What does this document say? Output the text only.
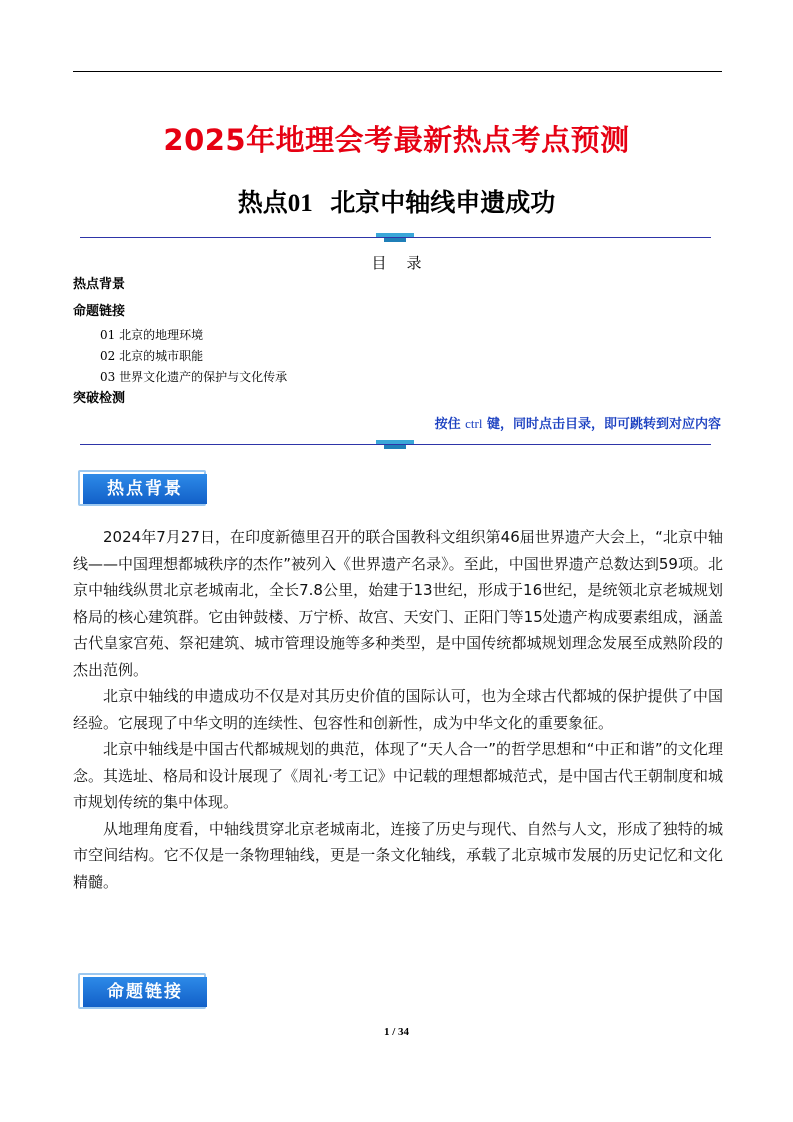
2025年地理会考最新热点考点预测
热点01 北京中轴线申遗成功
目录
热点背景
命题链接
01 北京的地理环境
02 北京的城市职能
03 世界文化遗产的保护与文化传承
突破检测
按住 ctrl 键，同时点击目录，即可跳转到对应内容
热点背景

2024年7月27日，在印度新德里召开的联合国教科文组织第46届世界遗产大会上，“北京中轴线——中国理想都城秩序的杰作”被列入《世界遗产名录》。至此，中国世界遗产总数达到59项。北京中轴线纵贯北京老城南北，全长7.8公里，始建于13世纪，形成于16世纪，是统领北京老城规划格局的核心建筑群。它由钟鼓楼、万宁桥、故宫、天安门、正阳门等15处遗产构成要素组成，涵盖古代皇家宫苑、祭祀建筑、城市管理设施等多种类型，是中国传统都城规划理念发展至成熟阶段的杰出范例。

北京中轴线的申遗成功不仅是对其历史价值的国际认可，也为全球古代都城的保护提供了中国经验。它展现了中华文明的连续性、包容性和创新性，成为中华文化的重要象征。

北京中轴线是中国古代都城规划的典范，体现了“天人合一”的哲学思想和“中正和谐”的文化理念。其选址、格局和设计展现了《周礼·考工记》中记载的理想都城范式，是中国古代王朝制度和城市规划传统的集中体现。

从地理角度看，中轴线贯穿北京老城南北，连接了历史与现代、自然与人文，形成了独特的城市空间结构。它不仅是一条物理轴线，更是一条文化轴线，承载了北京城市发展的历史记忆和文化精髓。

命题链接
1 / 34
